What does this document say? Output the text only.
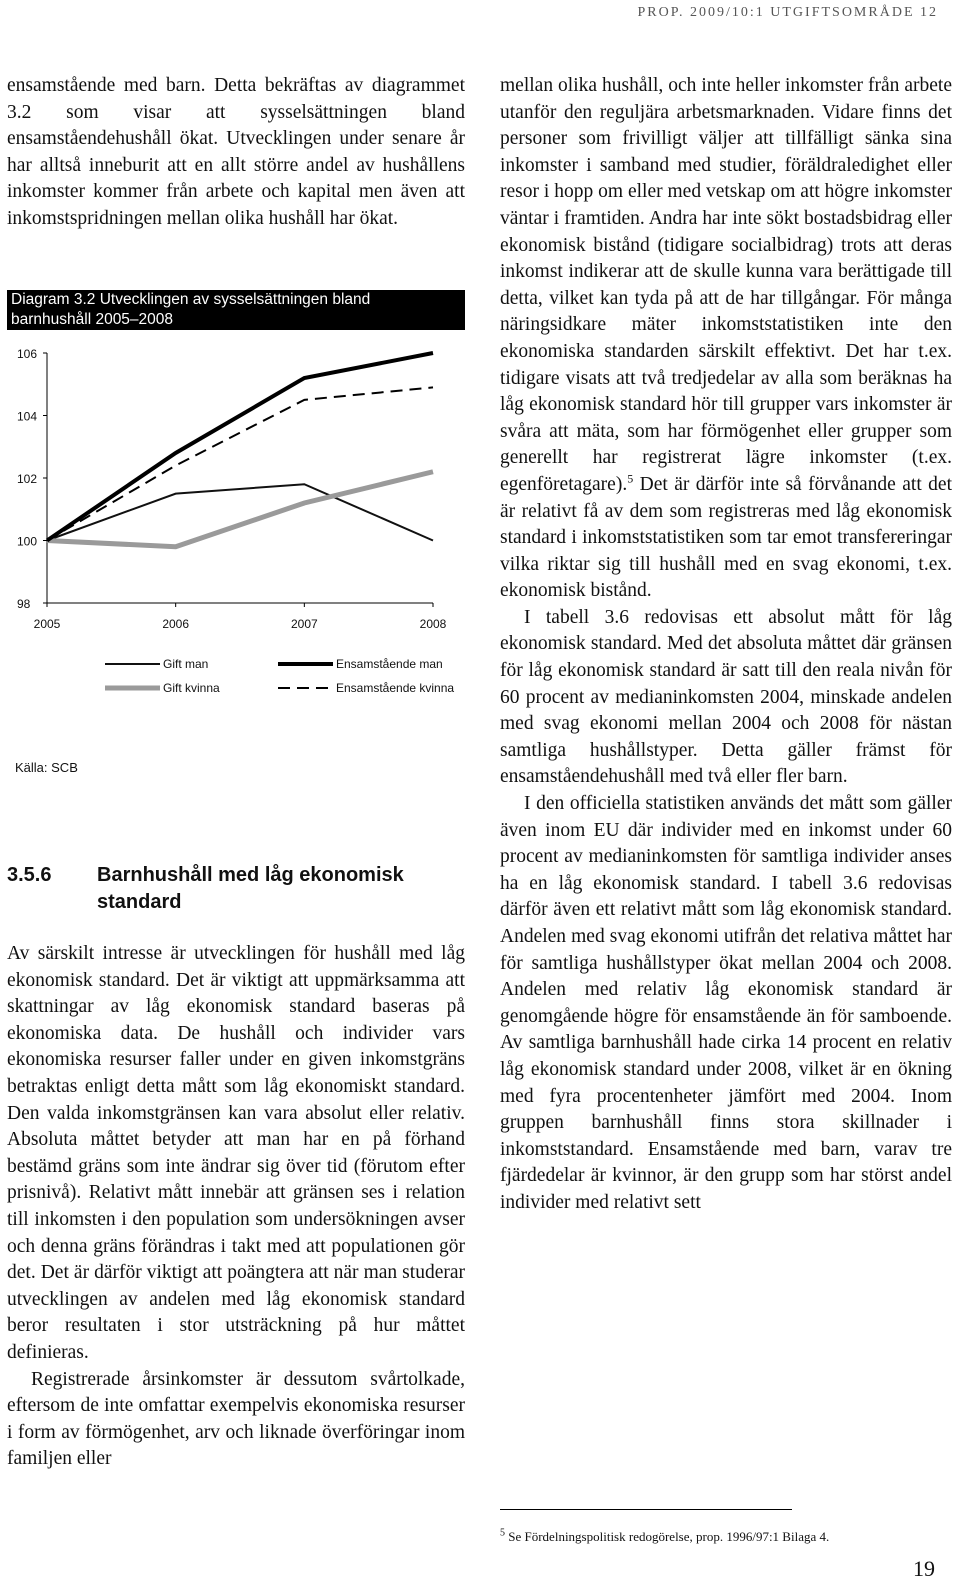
PROP. 2009/10:1 UTGIFTSOMRÅDE 12

ensamstående med barn. Detta bekräftas av diagrammet 3.2 som visar att sysselsättningen bland ensamståendehushåll ökat. Utvecklingen under senare år har alltså inneburit att en allt större andel av hushållens inkomster kommer från arbete och kapital men även att inkomstspridningen mellan olika hushåll har ökat.

Diagram 3.2 Utvecklingen av sysselsättningen bland
barnhushåll 2005–2008
98
100
102
104
106
2005	2006	2007	2008
Gift man	Ensamstående man
Gift kvinna	Ensamstående kvinna
Källa: SCB
3.5.6 Barnhushåll med låg ekonomisk standard

Av särskilt intresse är utvecklingen för hushåll med låg ekonomisk standard. Det är viktigt att uppmärksamma att skattningar av låg ekonomisk standard baseras på ekonomiska data. De hushåll och individer vars ekonomiska resurser faller under en given inkomstgräns betraktas enligt detta mått som låg ekonomiskt standard. Den valda inkomstgränsen kan vara absolut eller relativ. Absoluta måttet betyder att man har en på förhand bestämd gräns som inte ändrar sig över tid (förutom efter prisnivå). Relativt mått innebär att gränsen ses i relation till inkomsten i den population som undersökningen avser och denna gräns förändras i takt med att populationen gör det. Det är därför viktigt att poängtera att när man studerar utvecklingen av andelen med låg ekonomisk standard beror resultaten i stor utsträckning på hur måttet definieras.

Registrerade årsinkomster är dessutom svårtolkade, eftersom de inte omfattar exempelvis ekonomiska resurser i form av förmögenhet, arv och liknade överföringar inom familjen eller

mellan olika hushåll, och inte heller inkomster från arbete utanför den reguljära arbetsmarknaden. Vidare finns det personer som frivilligt väljer att tillfälligt sänka sina inkomster i samband med studier, föräldraledighet eller resor i hopp om eller med vetskap om att högre inkomster väntar i framtiden. Andra har inte sökt bostadsbidrag eller ekonomisk bistånd (tidigare socialbidrag) trots att deras inkomst indikerar att de skulle kunna vara berättigade till detta, vilket kan tyda på att de har tillgångar. För många näringsidkare mäter inkomststatistiken inte den ekonomiska standarden särskilt effektivt. Det har t.ex. tidigare visats att två tredjedelar av alla som beräknas ha låg ekonomisk standard hör till grupper vars inkomster är svåra att mäta, som har förmögenhet eller grupper som generellt har registrerat lägre inkomster (t.ex. egenföretagare).$^5$ Det är därför inte så förvånande att det är relativt få av dem som registreras med låg ekonomisk standard i inkomststatistiken som tar emot transfereringar vilka riktar sig till hushåll med en svag ekonomi, t.ex. ekonomisk bistånd.

I tabell 3.6 redovisas ett absolut mått för låg ekonomisk standard. Med det absoluta måttet där gränsen för låg ekonomisk standard är satt till den reala nivån för 60 procent av medianinkomsten 2004, minskade andelen med svag ekonomi mellan 2004 och 2008 för nästan samtliga hushållstyper. Detta gäller främst för ensamståendehushåll med två eller fler barn.

I den officiella statistiken används det mått som gäller även inom EU där individer med en inkomst under 60 procent av medianinkomsten för samtliga individer anses ha en låg ekonomisk standard. I tabell 3.6 redovisas därför även ett relativt mått som låg ekonomisk standard. Andelen med svag ekonomi utifrån det relativa måttet har för samtliga hushållstyper ökat mellan 2004 och 2008. Andelen med relativ låg ekonomisk standard är genomgående högre för ensamstående än för samboende. Av samtliga barnhushåll hade cirka 14 procent en relativ låg ekonomisk standard under 2008, vilket är en ökning med fyra procentenheter jämfört med 2004. Inom gruppen barnhushåll finns stora skillnader i inkomststandard. Ensamstående med barn, varav tre fjärdedelar är kvinnor, är den grupp som har störst andel individer med relativt sett

$^5$ Se Fördelningspolitisk redogörelse, prop. 1996/97:1 Bilaga 4.
19
